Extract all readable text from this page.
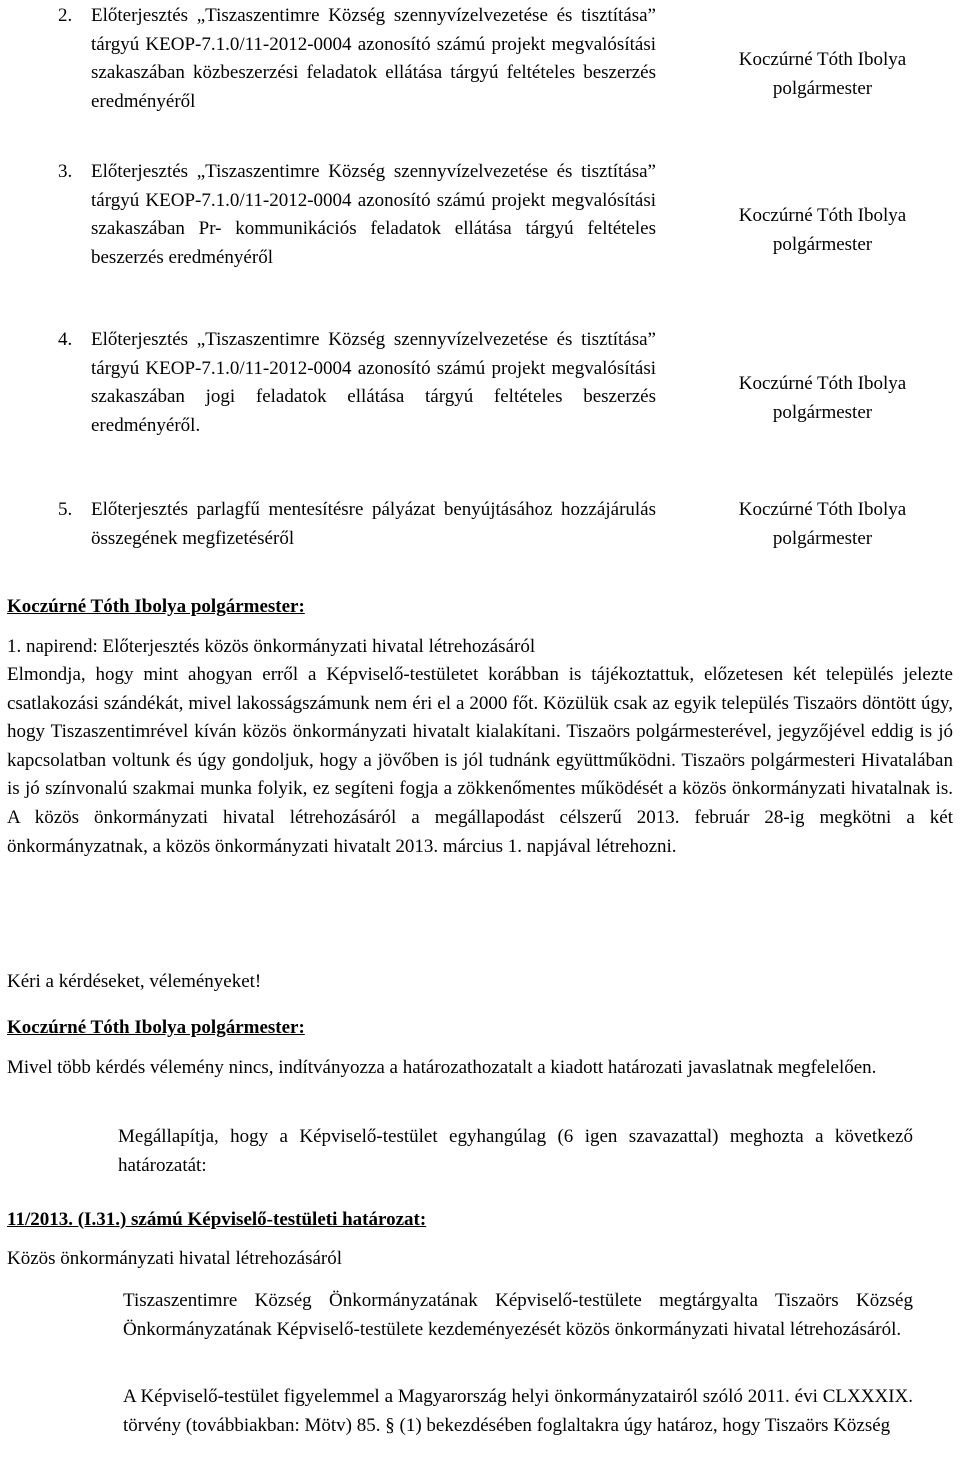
2. Előterjesztés „Tiszaszentimre Község szennyvízelvezetése és tisztítása” tárgyú KEOP-7.1.0/11-2012-0004 azonosító számú projekt megvalósítási szakaszában közbeszerzési feladatok ellátása tárgyú feltételes beszerzés eredményéről
Koczúrné Tóth Ibolya
polgármester
3. Előterjesztés „Tiszaszentimre Község szennyvízelvezetése és tisztítása” tárgyú KEOP-7.1.0/11-2012-0004 azonosító számú projekt megvalósítási szakaszában Pr- kommunikációs feladatok ellátása tárgyú feltételes beszerzés eredményéről
Koczúrné Tóth Ibolya
polgármester
4. Előterjesztés „Tiszaszentimre Község szennyvízelvezetése és tisztítása” tárgyú KEOP-7.1.0/11-2012-0004 azonosító számú projekt megvalósítási szakaszában jogi feladatok ellátása tárgyú feltételes beszerzés eredményéről.
Koczúrné Tóth Ibolya
polgármester
5. Előterjesztés parlagfű mentesítésre pályázat benyújtásához hozzájárulás összegének megfizetéséről
Koczúrné Tóth Ibolya
polgármester
Koczúrné Tóth Ibolya polgármester:
1. napirend: Előterjesztés közös önkormányzati hivatal létrehozásáról
Elmondja, hogy mint ahogyan erről a Képviselő-testületet korábban is tájékoztattuk, előzetesen két település jelezte csatlakozási szándékát, mivel lakosságszámunk nem éri el a 2000 főt. Közülük csak az egyik település Tiszaörs döntött úgy, hogy Tiszaszentimrével kíván közös önkormányzati hivatalt kialakítani. Tiszaörs polgármesterével, jegyzőjével eddig is jó kapcsolatban voltunk és úgy gondoljuk, hogy a jövőben is jól tudnánk együttműködni. Tiszaörs polgármesteri Hivatalában is jó színvonalú szakmai munka folyik, ez segíteni fogja a zökkenőmentes működését a közös önkormányzati hivatalnak is. A közös önkormányzati hivatal létrehozásáról a megállapodást célszerű 2013. február 28-ig megkötni a két önkormányzatnak, a közös önkormányzati hivatalt 2013. március 1. napjával létrehozni.
Kéri a kérdéseket, véleményeket!
Koczúrné Tóth Ibolya polgármester:
Mivel több kérdés vélemény nincs, indítványozza a határozathozatalt a kiadott határozati javaslatnak megfelelően.
Megállapítja, hogy a Képviselő-testület egyhangúlag (6 igen szavazattal) meghozta a következő határozatát:
11/2013. (I.31.) számú Képviselő-testületi határozat:
Közös önkormányzati hivatal létrehozásáról
Tiszaszentimre Község Önkormányzatának Képviselő-testülete megtárgyalta Tiszaörs Község Önkormányzatának Képviselő-testülete kezdeményezését közös önkormányzati hivatal létrehozásáról.
A Képviselő-testület figyelemmel a Magyarország helyi önkormányzatairól szóló 2011. évi CLXXXIX. törvény (továbbiakban: Mötv) 85. § (1) bekezdésében foglaltakra úgy határoz, hogy Tiszaörs Község
